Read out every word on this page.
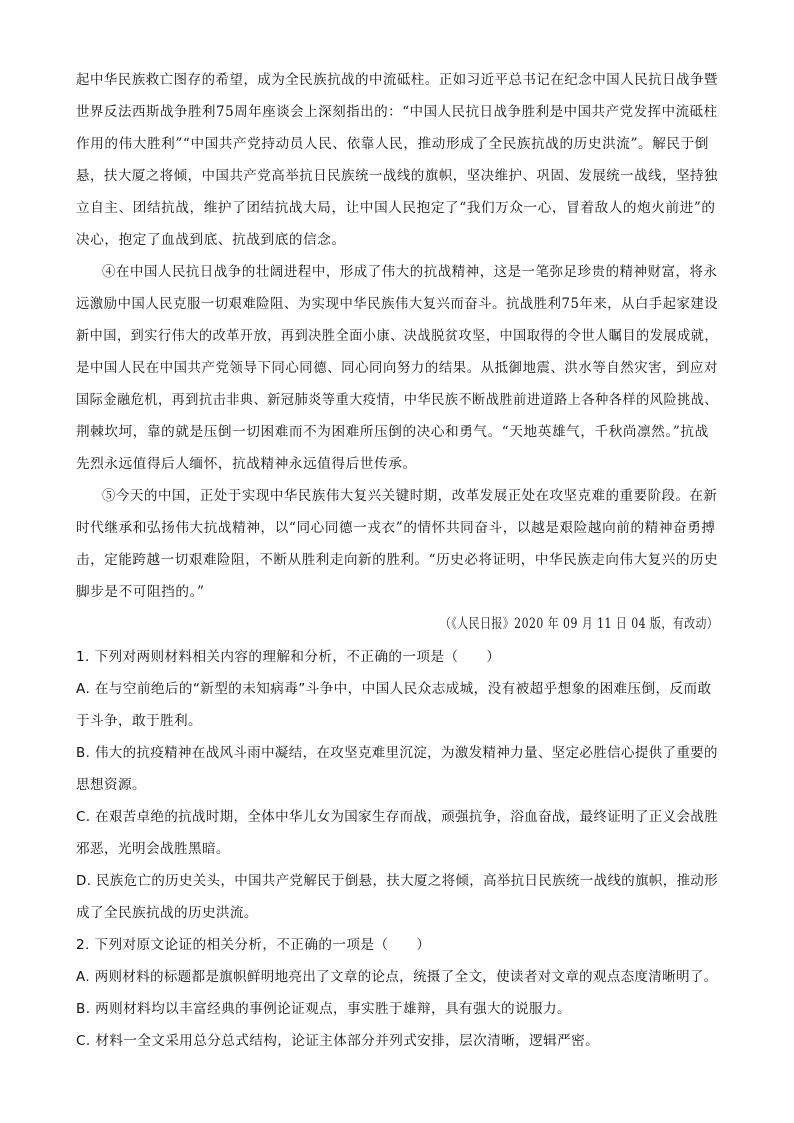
起中华民族救亡图存的希望，成为全民族抗战的中流砥柱。正如习近平总书记在纪念中国人民抗日战争暨
世界反法西斯战争胜利75周年座谈会上深刻指出的：“中国人民抗日战争胜利是中国共产党发挥中流砥柱
作用的伟大胜利”“中国共产党持动员人民、依靠人民，推动形成了全民族抗战的历史洪流”。解民于倒
悬，扶大厦之将倾，中国共产党高举抗日民族统一战线的旗帜，坚决维护、巩固、发展统一战线，坚持独
立自主、团结抗战，维护了团结抗战大局，让中国人民抱定了“我们万众一心，冒着敌人的炮火前进”的
决心，抱定了血战到底、抗战到底的信念。
④在中国人民抗日战争的壮阔进程中，形成了伟大的抗战精神，这是一笔弥足珍贵的精神财富，将永
远激励中国人民克服一切艰难险阻、为实现中华民族伟大复兴而奋斗。抗战胜利75年来，从白手起家建设
新中国，到实行伟大的改革开放，再到决胜全面小康、决战脱贫攻坚，中国取得的令世人瞩目的发展成就，
是中国人民在中国共产党领导下同心同德、同心同向努力的结果。从抵御地震、洪水等自然灾害，到应对
国际金融危机，再到抗击非典、新冠肺炎等重大疫情，中华民族不断战胜前进道路上各种各样的风险挑战、
荆棘坎坷，靠的就是压倒一切困难而不为困难所压倒的决心和勇气。“天地英雄气，千秋尚凛然。”抗战
先烈永远值得后人缅怀，抗战精神永远值得后世传承。
⑤今天的中国，正处于实现中华民族伟大复兴关键时期，改革发展正处在攻坚克难的重要阶段。在新
时代继承和弘扬伟大抗战精神，以“同心同德一戎衣”的情怀共同奋斗，以越是艰险越向前的精神奋勇搏
击，定能跨越一切艰难险阻，不断从胜利走向新的胜利。“历史必将证明，中华民族走向伟大复兴的历史
脚步是不可阻挡的。”
（《人民日报》2020 年 09 月 11 日 04 版，有改动）
1. 下列对两则材料相关内容的理解和分析，不正确的一项是（　　）
A. 在与空前绝后的“新型的未知病毒”斗争中，中国人民众志成城，没有被超乎想象的困难压倒，反而敢
于斗争，敢于胜利。
B. 伟大的抗疫精神在战风斗雨中凝结，在攻坚克难里沉淀，为激发精神力量、坚定必胜信心提供了重要的
思想资源。
C. 在艰苦卓绝的抗战时期，全体中华儿女为国家生存而战，顽强抗争，浴血奋战，最终证明了正义会战胜
邪恶，光明会战胜黑暗。
D. 民族危亡的历史关头，中国共产党解民于倒悬，扶大厦之将倾，高举抗日民族统一战线的旗帜，推动形
成了全民族抗战的历史洪流。
2. 下列对原文论证的相关分析，不正确的一项是（　　）
A. 两则材料的标题都是旗帜鲜明地亮出了文章的论点，统摄了全文，使读者对文章的观点态度清晰明了。
B. 两则材料均以丰富经典的事例论证观点，事实胜于雄辩，具有强大的说服力。
C. 材料一全文采用总分总式结构，论证主体部分并列式安排，层次清晰，逻辑严密。
